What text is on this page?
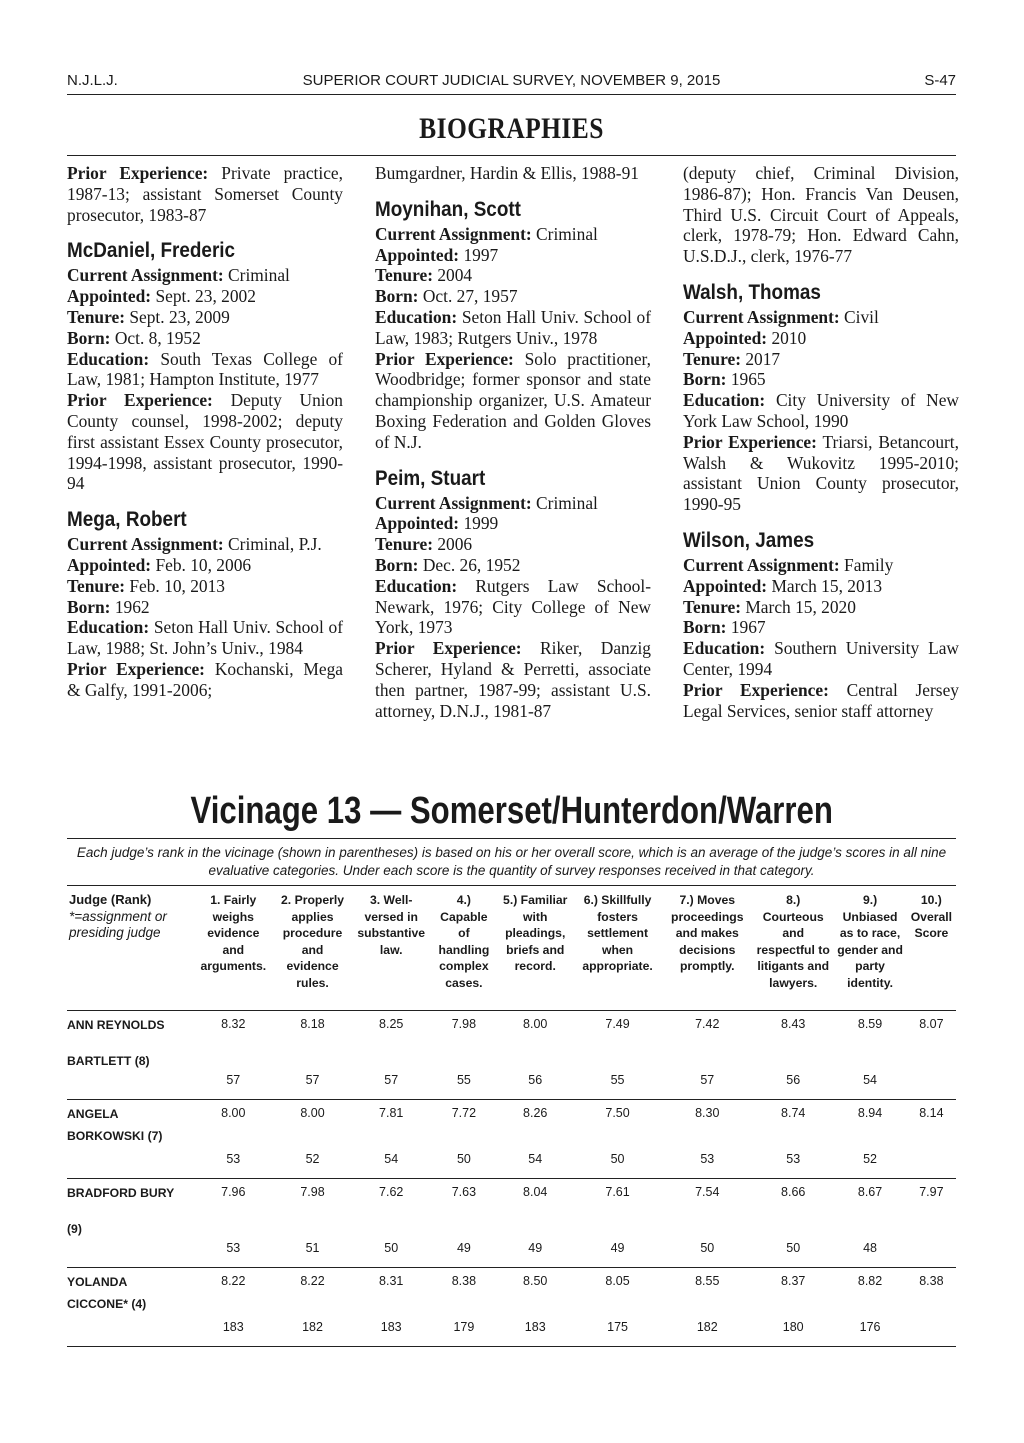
N.J.L.J.	SUPERIOR COURT JUDICIAL SURVEY, NOVEMBER 9, 2015	S-47
BIOGRAPHIES

Prior Experience: Private practice, 1987-13; assistant Somerset County prosecutor, 1983-87

McDaniel, Frederic

Current Assignment: Criminal

Appointed: Sept. 23, 2002

Tenure: Sept. 23, 2009

Born: Oct. 8, 1952

Education: South Texas College of Law, 1981; Hampton Institute, 1977

Prior Experience: Deputy Union County counsel, 1998-2002; deputy first assistant Essex County prosecutor, 1994-1998, assistant prosecutor, 1990-94

Mega, Robert

Current Assignment: Criminal, P.J.

Appointed: Feb. 10, 2006

Tenure: Feb. 10, 2013

Born: 1962

Education: Seton Hall Univ. School of Law, 1988; St. John’s Univ., 1984

Prior Experience: Kochanski, Mega & Galfy, 1991-2006;

Bumgardner, Hardin & Ellis, 1988-91

Moynihan, Scott

Current Assignment: Criminal

Appointed: 1997

Tenure: 2004

Born: Oct. 27, 1957

Education: Seton Hall Univ. School of Law, 1983; Rutgers Univ., 1978

Prior Experience: Solo practitioner, Woodbridge; former sponsor and state championship organizer, U.S. Amateur Boxing Federation and Golden Gloves of N.J.

Peim, Stuart

Current Assignment: Criminal

Appointed: 1999

Tenure: 2006

Born: Dec. 26, 1952

Education: Rutgers Law School-Newark, 1976; City College of New York, 1973

Prior Experience: Riker, Danzig Scherer, Hyland & Perretti, associate then partner, 1987-99; assistant U.S. attorney, D.N.J., 1981-87

(deputy chief, Criminal Division, 1986-87); Hon. Francis Van Deusen, Third U.S. Circuit Court of Appeals, clerk, 1978-79; Hon. Edward Cahn, U.S.D.J., clerk, 1976-77

Walsh, Thomas

Current Assignment: Civil

Appointed: 2010

Tenure: 2017

Born: 1965

Education: City University of New York Law School, 1990

Prior Experience: Triarsi, Betancourt, Walsh & Wukovitz 1995-2010; assistant Union County prosecutor, 1990-95

Wilson, James

Current Assignment: Family

Appointed: March 15, 2013

Tenure: March 15, 2020

Born: 1967

Education: Southern University Law Center, 1994

Prior Experience: Central Jersey Legal Services, senior staff attorney

Vicinage 13 — Somerset/Hunterdon/Warren
Each judge’s rank in the vicinage (shown in parentheses) is based on his or her overall score, which is an average of the judge’s scores in all nine evaluative categories. Under each score is the quantity of survey responses received in that category.
Judge (Rank)
*=assignment or presiding judge	1. Fairly weighs evidence and arguments.	2. Properly applies procedure and evidence rules.	3. Well-versed in substantive law.	4.) Capable of handling complex cases.	5.) Familiar with pleadings, briefs and record.	6.) Skillfully fosters settlement when appropriate.	7.) Moves proceedings and makes decisions promptly.	8.) Courteous and respectful to litigants and lawyers.	9.) Unbiased as to race, gender and party identity.	10.) Overall Score

ANN REYNOLDS
BARTLETT (8)	8.32	8.18	8.25	7.98	8.00	7.49	7.42	8.43	8.59	8.07
	57	57	57	55	56	55	57	56	54	

ANGELA
BORKOWSKI (7)	8.00	8.00	7.81	7.72	8.26	7.50	8.30	8.74	8.94	8.14
	53	52	54	50	54	50	53	53	52	

BRADFORD BURY
(9)	7.96	7.98	7.62	7.63	8.04	7.61	7.54	8.66	8.67	7.97
	53	51	50	49	49	49	50	50	48	

YOLANDA
CICCONE* (4)	8.22	8.22	8.31	8.38	8.50	8.05	8.55	8.37	8.82	8.38
	183	182	183	179	183	175	182	180	176	
